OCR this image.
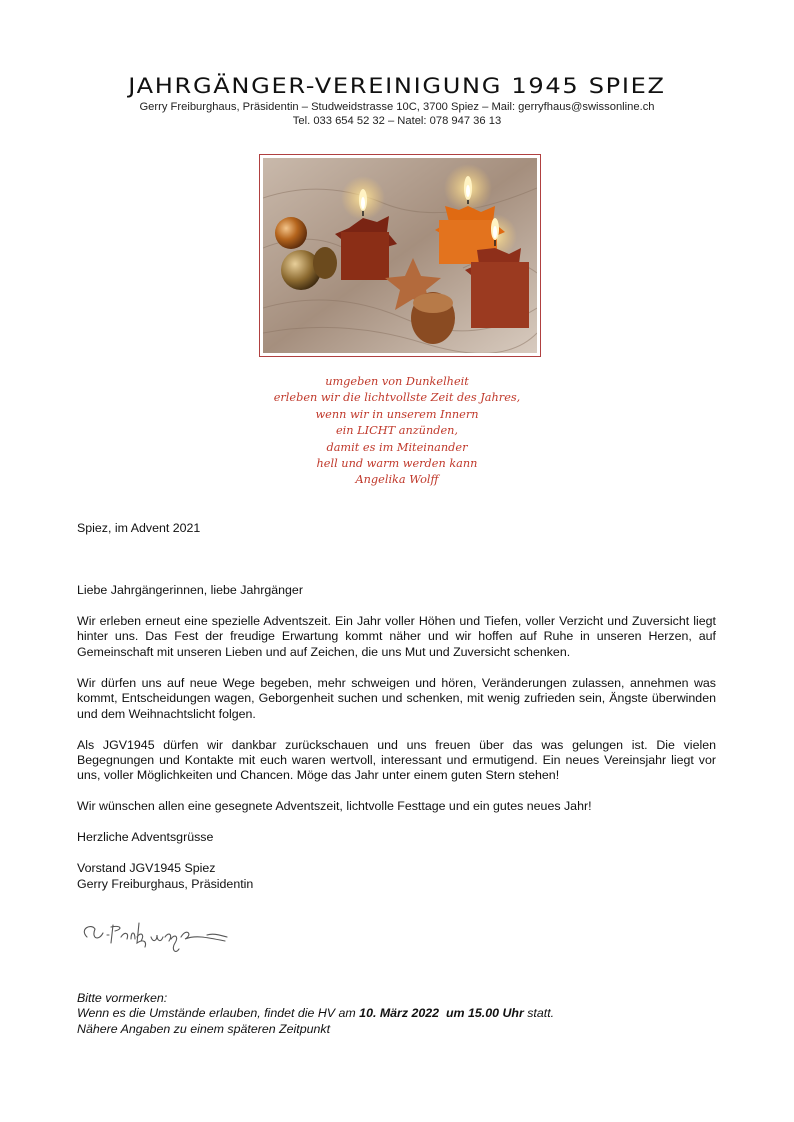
JAHRGÄNGER-VEREINIGUNG 1945 SPIEZ

Gerry Freiburghaus, Präsidentin – Studweidstrasse 10C, 3700 Spiez – Mail: gerryfhaus@swissonline.ch

Tel. 033 654 52 32 – Natel: 078 947 36 13

umgeben von Dunkelheit
erleben wir die lichtvollste Zeit des Jahres,
wenn wir in unserem Innern
ein LICHT anzünden,
damit es im Miteinander
hell und warm werden kann
Angelika Wolff
Spiez, im Advent 2021

Liebe Jahrgängerinnen, liebe Jahrgänger

Wir erleben erneut eine spezielle Adventszeit. Ein Jahr voller Höhen und Tiefen, voller Verzicht und Zuversicht liegt hinter uns. Das Fest der freudige Erwartung kommt näher und wir hoffen auf Ruhe in unseren Herzen, auf Gemeinschaft mit unseren Lieben und auf Zeichen, die uns Mut und Zuversicht schenken.

Wir dürfen uns auf neue Wege begeben, mehr schweigen und hören, Veränderungen zulassen, annehmen was kommt, Entscheidungen wagen, Geborgenheit suchen und schenken, mit wenig zufrieden sein, Ängste überwinden und dem Weihnachtslicht folgen.

Als JGV1945 dürfen wir dankbar zurückschauen und uns freuen über das was gelungen ist. Die vielen Begegnungen und Kontakte mit euch waren wertvoll, interessant und ermutigend. Ein neues Vereinsjahr liegt vor uns, voller Möglichkeiten und Chancen. Möge das Jahr unter einem guten Stern stehen!

Wir wünschen allen eine gesegnete Adventszeit, lichtvolle Festtage und ein gutes neues Jahr!

Herzliche Adventsgrüsse

Vorstand JGV1945 Spiez

Gerry Freiburghaus, Präsidentin

Bitte vormerken:
Wenn es die Umstände erlauben, findet die HV am 10. März 2022 um 15.00 Uhr statt.
Nähere Angaben zu einem späteren Zeitpunkt
